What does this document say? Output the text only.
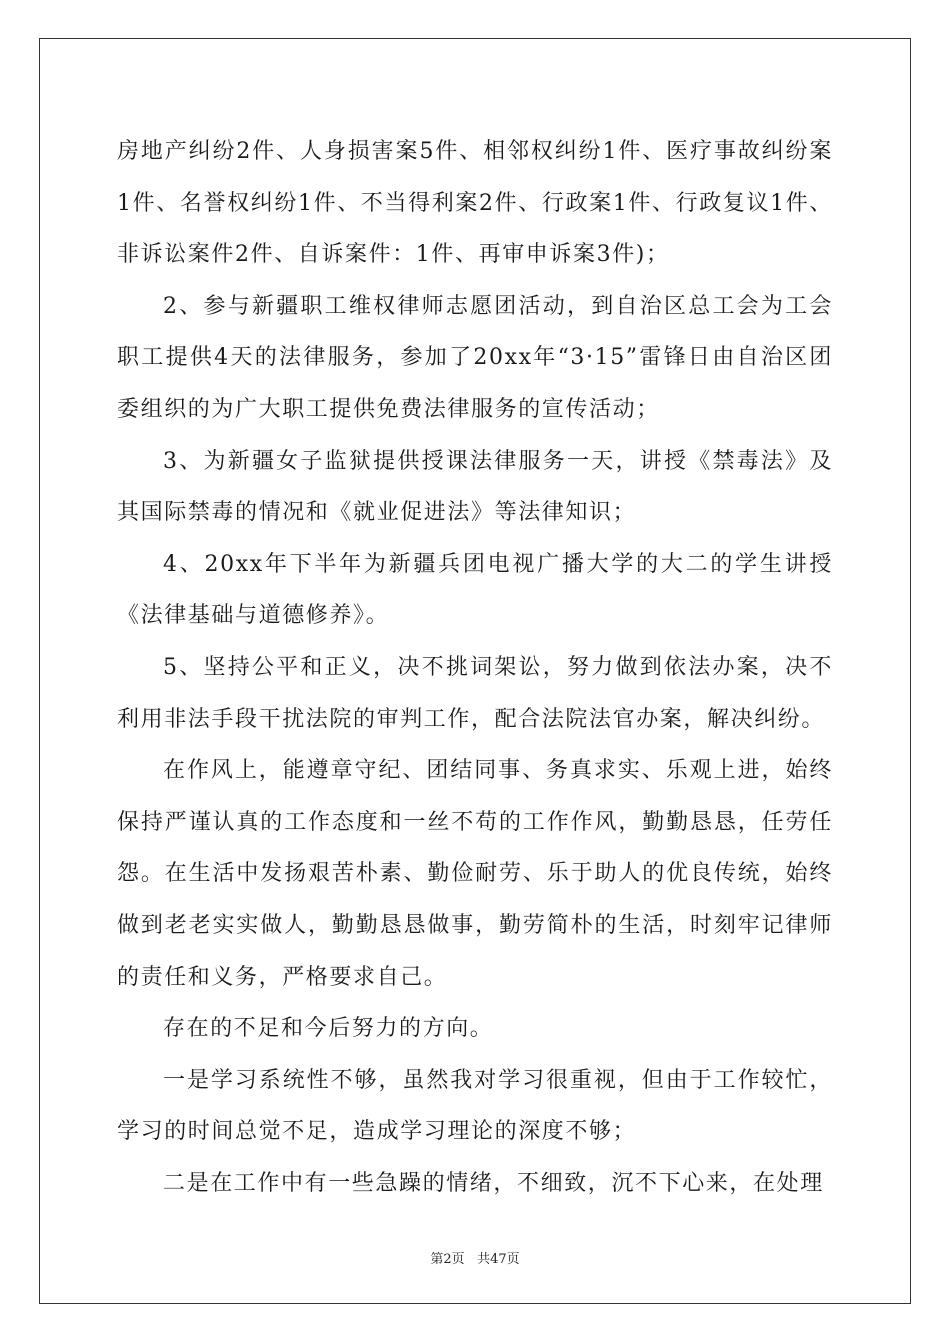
房地产纠纷2件、人身损害案5件、相邻权纠纷1件、医疗事故纠纷案1件、名誉权纠纷1件、不当得利案2件、行政案1件、行政复议1件、非诉讼案件2件、自诉案件：1件、再审申诉案3件)；

2、参与新疆职工维权律师志愿团活动，到自治区总工会为工会职工提供4天的法律服务，参加了20xx年“3·15”雷锋日由自治区团委组织的为广大职工提供免费法律服务的宣传活动；

3、为新疆女子监狱提供授课法律服务一天，讲授《禁毒法》及其国际禁毒的情况和《就业促进法》等法律知识；

4、20xx年下半年为新疆兵团电视广播大学的大二的学生讲授《法律基础与道德修养》。

5、坚持公平和正义，决不挑词架讼，努力做到依法办案，决不利用非法手段干扰法院的审判工作，配合法院法官办案，解决纠纷。

在作风上，能遵章守纪、团结同事、务真求实、乐观上进，始终保持严谨认真的工作态度和一丝不苟的工作作风，勤勤恳恳，任劳任怨。在生活中发扬艰苦朴素、勤俭耐劳、乐于助人的优良传统，始终做到老老实实做人，勤勤恳恳做事，勤劳简朴的生活，时刻牢记律师的责任和义务，严格要求自己。

存在的不足和今后努力的方向。

一是学习系统性不够，虽然我对学习很重视，但由于工作较忙，学习的时间总觉不足，造成学习理论的深度不够；

二是在工作中有一些急躁的情绪，不细致，沉不下心来，在处理

第2页 共47页
